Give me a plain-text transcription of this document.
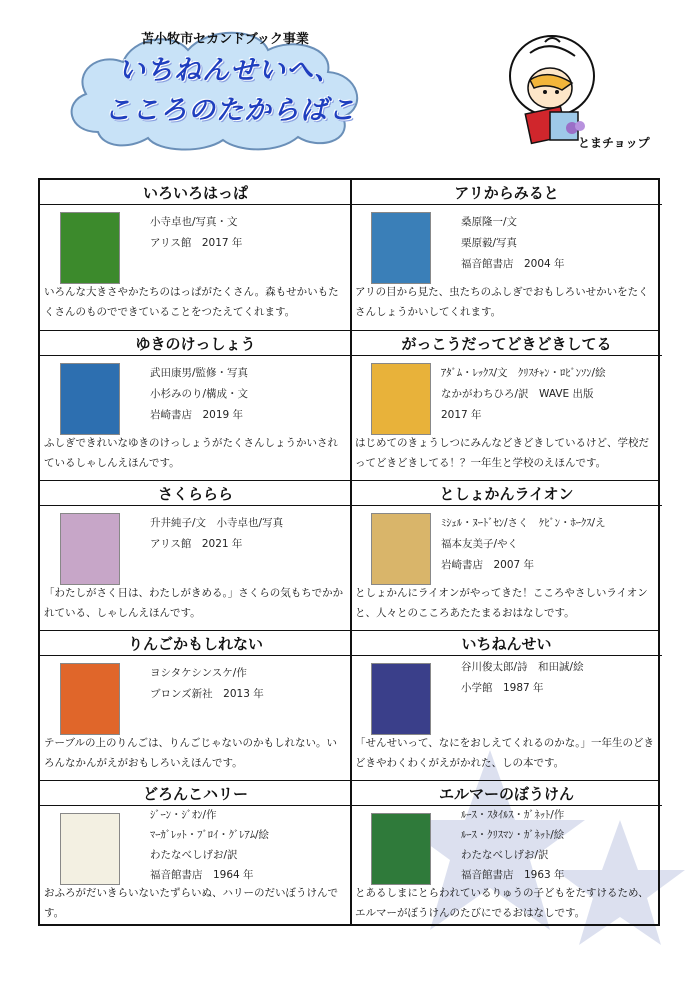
苫小牧市セカンドブック事業
いちねんせいへ、
こころのたからばこ
とまチョップ
いろいろはっぱ
小寺卓也/写真・文
アリス館　2017 年
いろんな大きさやかたちのはっぱがたくさん。森もせかいもたくさんのものでできていることをつたえてくれます。
アリからみると
桑原隆一/文
栗原毅/写真
福音館書店　2004 年
アリの目から見た、虫たちのふしぎでおもしろいせかいをたくさんしょうかいしてくれます。
ゆきのけっしょう
武田康男/監修・写真
小杉みのり/構成・文
岩崎書店　2019 年
ふしぎできれいなゆきのけっしょうがたくさんしょうかいされているしゃしんえほんです。
がっこうだってどきどきしてる
ｱﾀﾞﾑ・ﾚｯｸｽ/文　ｸﾘｽﾁｬﾝ・ﾛﾋﾞﾝｿﾝ/絵
なかがわちひろ/訳　WAVE 出版
2017 年
はじめてのきょうしつにみんなどきどきしているけど、学校だってどきどきしてる！？一年生と学校のえほんです。
さくららら
升井純子/文　小寺卓也/写真
アリス館　2021 年
「わたしがさく日は、わたしがきめる。」さくらの気もちでかかれている、しゃしんえほんです。
としょかんライオン
ﾐｼｪﾙ・ﾇｰﾄﾞｾﾝ/さく　ｹﾋﾞﾝ・ﾎｰｸｽ/え
福本友美子/やく
岩崎書店　2007 年
としょかんにライオンがやってきた！こころやさしいライオンと、人々とのこころあたたまるおはなしです。
りんごかもしれない
ヨシタケシンスケ/作
ブロンズ新社　2013 年
テーブルの上のりんごは、りんごじゃないのかもしれない。いろんなかんがえがおもしろいえほんです。
いちねんせい
谷川俊太郎/詩　和田誠/絵
小学館　1987 年
「せんせいって、なにをおしえてくれるのかな。」一年生のどきどきやわくわくがえがかれた、しの本です。
どろんこハリー
ｼﾞｰﾝ・ｼﾞｵﾝ/作
ﾏｰｶﾞﾚｯﾄ・ﾌﾞﾛｲ・ｸﾞﾚｱﾑ/絵
わたなべしげお/訳
福音館書店　1964 年
おふろがだいきらいないたずらいぬ、ハリーのだいぼうけんです。
エルマーのぼうけん
ﾙｰｽ・ｽﾀｲﾙｽ・ｶﾞﾈｯﾄ/作
ﾙｰｽ・ｸﾘｽﾏﾝ・ｶﾞﾈｯﾄ/絵
わたなべしげお/訳
福音館書店　1963 年
とあるしまにとらわれているりゅうの子どもをたすけるため、エルマーがぼうけんのたびにでるおはなしです。
